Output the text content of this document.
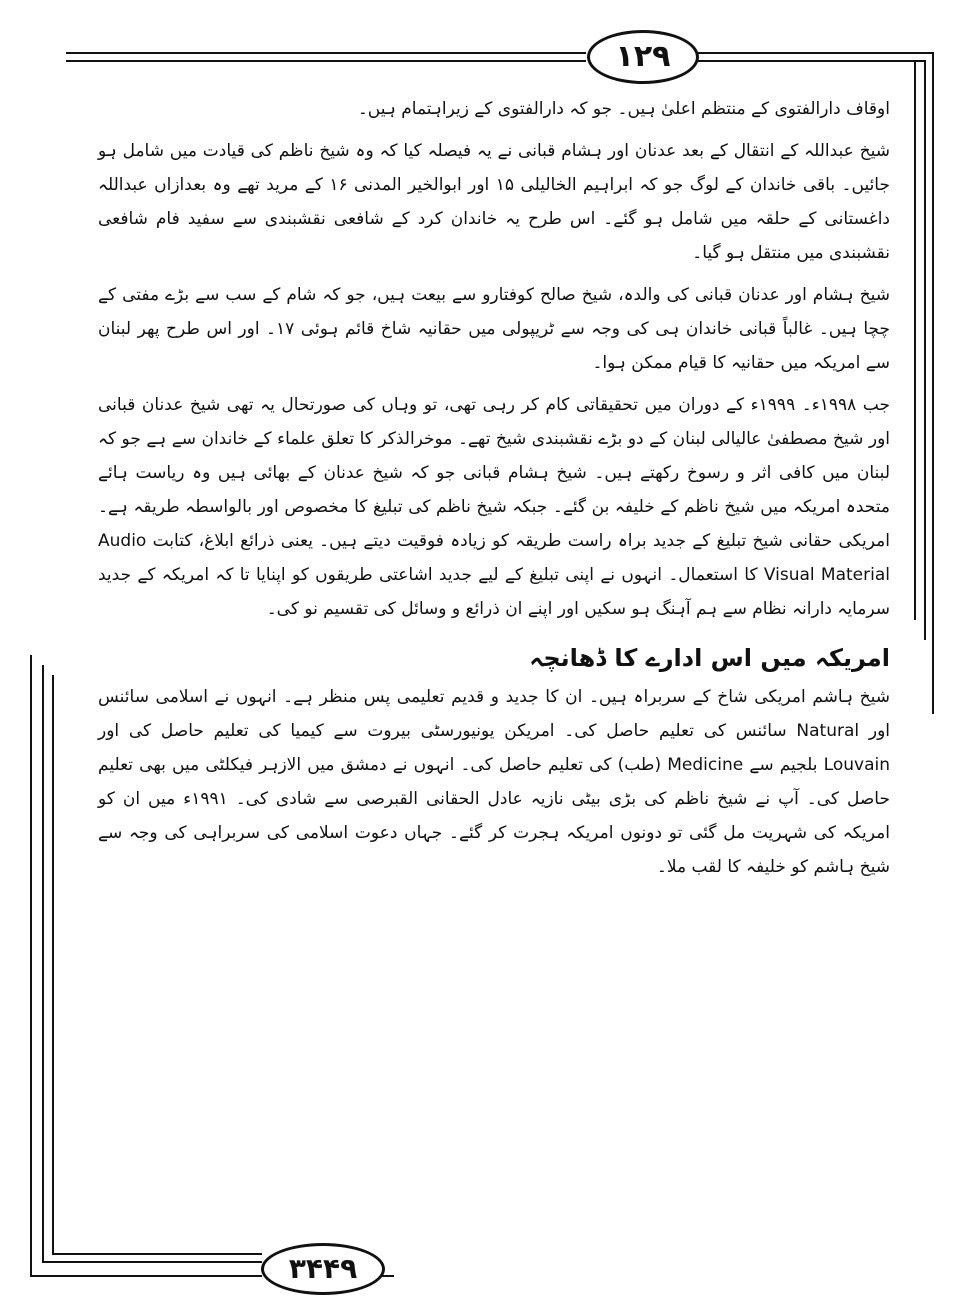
۱۲۹
۳۴۴۹

اوقاف دارالفتوی کے منتظم اعلیٰ ہیں۔ جو کہ دارالفتوی کے زیراہتمام ہیں۔

شیخ عبداللہ کے انتقال کے بعد عدنان اور ہشام قبانی نے یہ فیصلہ کیا کہ وہ شیخ ناظم کی قیادت میں شامل ہو جائیں۔ باقی خاندان کے لوگ جو کہ ابراہیم الخالیلی ۱۵ اور ابوالخیر المدنی ۱۶ کے مرید تھے وہ بعدازاں عبداللہ داغستانی کے حلقہ میں شامل ہو گئے۔ اس طرح یہ خاندان کرد کے شافعی نقشبندی سے سفید فام شافعی نقشبندی میں منتقل ہو گیا۔

شیخ ہشام اور عدنان قبانی کی والدہ، شیخ صالح کوفتارو سے بیعت ہیں، جو کہ شام کے سب سے بڑے مفتی کے چچا ہیں۔ غالباً قبانی خاندان ہی کی وجہ سے ٹریپولی میں حقانیہ شاخ قائم ہوئی ۱۷۔ اور اس طرح پھر لبنان سے امریکہ میں حقانیہ کا قیام ممکن ہوا۔

جب ۱۹۹۸ء۔ ۱۹۹۹ء کے دوران میں تحقیقاتی کام کر رہی تھی، تو وہاں کی صورتحال یہ تھی شیخ عدنان قبانی اور شیخ مصطفیٰ عالیالی لبنان کے دو بڑے نقشبندی شیخ تھے۔ موخرالذکر کا تعلق علماء کے خاندان سے ہے جو کہ لبنان میں کافی اثر و رسوخ رکھتے ہیں۔ شیخ ہشام قبانی جو کہ شیخ عدنان کے بھائی ہیں وہ ریاست ہائے متحدہ امریکہ میں شیخ ناظم کے خلیفہ بن گئے۔ جبکہ شیخ ناظم کی تبلیغ کا مخصوص اور بالواسطہ طریقہ ہے۔ امریکی حقانی شیخ تبلیغ کے جدید براہ راست طریقہ کو زیادہ فوقیت دیتے ہیں۔ یعنی ذرائع ابلاغ، کتابت Audio Visual Material کا استعمال۔ انہوں نے اپنی تبلیغ کے لیے جدید اشاعتی طریقوں کو اپنایا تا کہ امریکہ کے جدید سرمایہ دارانہ نظام سے ہم آہنگ ہو سکیں اور اپنے ان ذرائع و وسائل کی تقسیم نو کی۔

امریکہ میں اس ادارے کا ڈھانچہ

شیخ ہاشم امریکی شاخ کے سربراہ ہیں۔ ان کا جدید و قدیم تعلیمی پس منظر ہے۔ انہوں نے اسلامی سائنس اور Natural سائنس کی تعلیم حاصل کی۔ امریکن یونیورسٹی بیروت سے کیمیا کی تعلیم حاصل کی اور Louvain بلجیم سے Medicine (طب) کی تعلیم حاصل کی۔ انہوں نے دمشق میں الازہر فیکلٹی میں بھی تعلیم حاصل کی۔ آپ نے شیخ ناظم کی بڑی بیٹی نازیہ عادل الحقانی القبرصی سے شادی کی۔ ۱۹۹۱ء میں ان کو امریکہ کی شہریت مل گئی تو دونوں امریکہ ہجرت کر گئے۔ جہاں دعوت اسلامی کی سربراہی کی وجہ سے شیخ ہاشم کو خلیفہ کا لقب ملا۔
